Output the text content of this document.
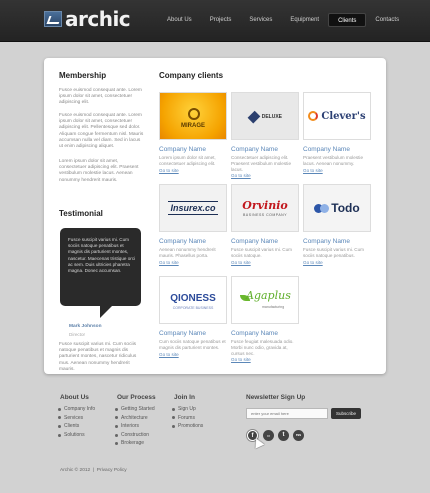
archic	About Us	Projects	Services	Equipment	Clients	Contacts
Membership
Fusce euismod consequat ante. Lorem ipsum dolor sit amet, consectetuer adipiscing elit.
Fusce euismod consequat ante. Lorem ipsum dolor sit amet, consectetuer adipiscing elit. Pellentesque sed dolor. Aliquam congue fermentum nisl. Mauris accumsan nulla vel diam. Sed in lacus ut enim adipiscing aliquet.
Lorem ipsum dolor sit amet, consectetuer adipiscing elit. Praesent vestibulum molestie lacus. Aenean nonummy hendrerit mauris.
Testimonial
Fusce suscipit varius mi. Cum sociis natoque penatibus et magnis dis parturient montes, nascetur. Maecenas tristique orci ac sem. Duis ultricies pharetra magna. Donec accumsan.
Mark Johnson
Director
Fusce suscipit varius mi. Cum sociis natoque penatibus et magnis dis parturient montes, nascetur ridiculus mus. Aenean nonummy hendrerit mauris.
Company clients
MIRAGE
Company Name
Lorem ipsum dolor sit amet, consectetuer adipiscing elit.
Go to site
DELUXE
Company Name
Consectetuer adipiscing elit. Praesent vestibulum molestie lacus.
Go to site
Clever's
Company Name
Praesent vestibulum molestie lacus. Aenean nonummy.
Go to site
Insurex.co
Company Name
Aenean nonummy hendrerit mauris. Phasellus porta.
Go to site
Orvinio
BUSINESS COMPANY
Company Name
Fusce suscipit varius mi. Cum sociis natoque.
Go to site
Todo
Company Name
Fusce suscipit varius mi. Cum sociis natoque penatibus.
Go to site
QIONESS
CORPORATE BUSINESS
Company Name
Cum sociis natoque penatibus et magnis dis parturient montes.
Go to site
Agaplus
manufacturing
Company Name
Fusce feugiat malesuada odio. Morbi nunc odio, gravida at, cursus nec.
Go to site
About Us
Company Info
Services
Clients
Solutions
Our Process
Getting Started
Architecture
Interiors
Construction
Brokerage
Join In
Sign Up
Forums
Promotions
Newsletter Sign Up
enter your email here
Subscribe
f	••	t	rss
Archic © 2012  |  Privacy Policy
